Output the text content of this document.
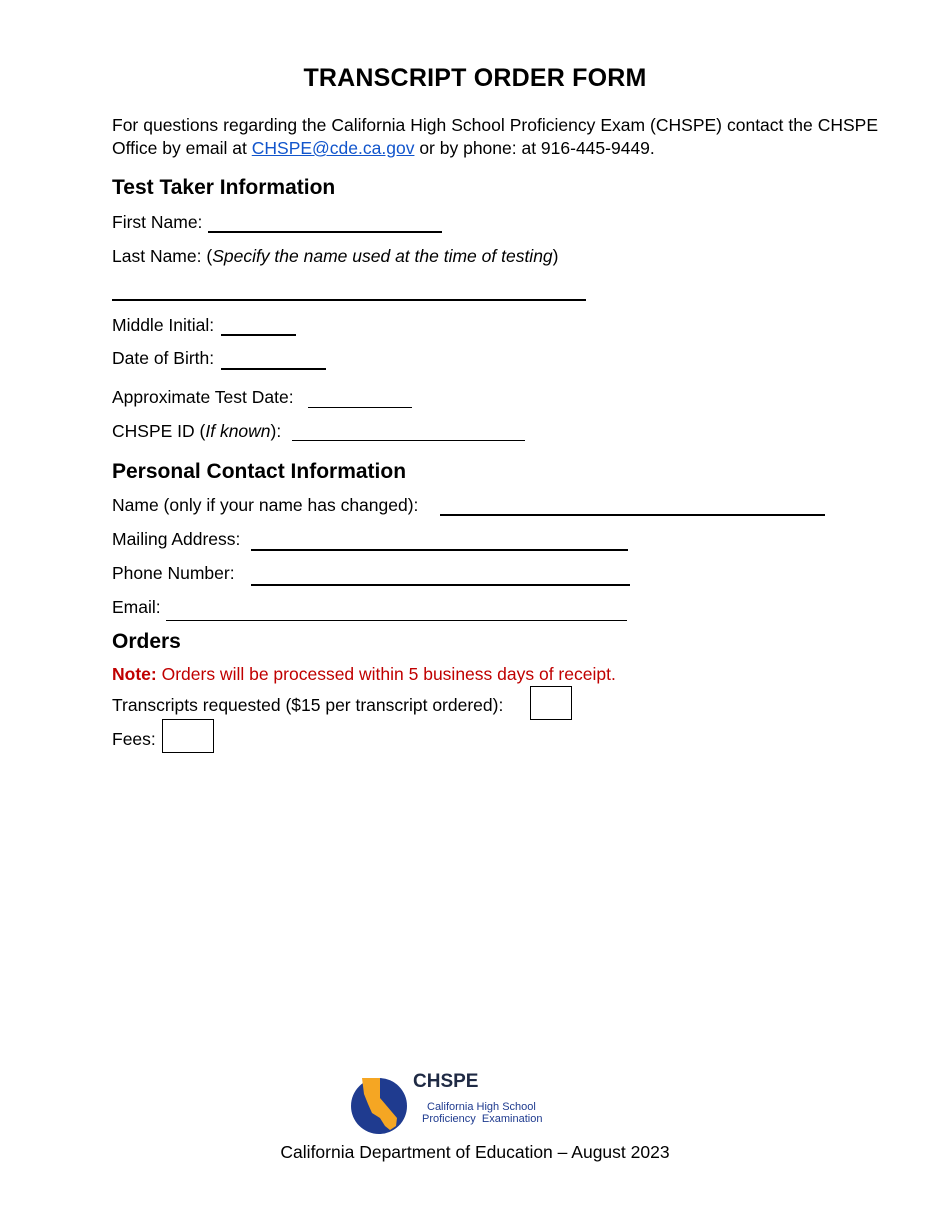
TRANSCRIPT ORDER FORM
For questions regarding the California High School Proficiency Exam (CHSPE) contact the CHSPE Office by email at CHSPE@cde.ca.gov or by phone: at 916-445-9449.
Test Taker Information
First Name:
Last Name: (Specify the name used at the time of testing)
Middle Initial:
Date of Birth:
Approximate Test Date:
CHSPE ID (If known):
Personal Contact Information
Name (only if your name has changed):
Mailing Address:
Phone Number:
Email:
Orders
Note: Orders will be processed within 5 business days of receipt.
Transcripts requested ($15 per transcript ordered):
Fees:
CHSPE
California High School
Proficiency  Examination
California Department of Education – August 2023
